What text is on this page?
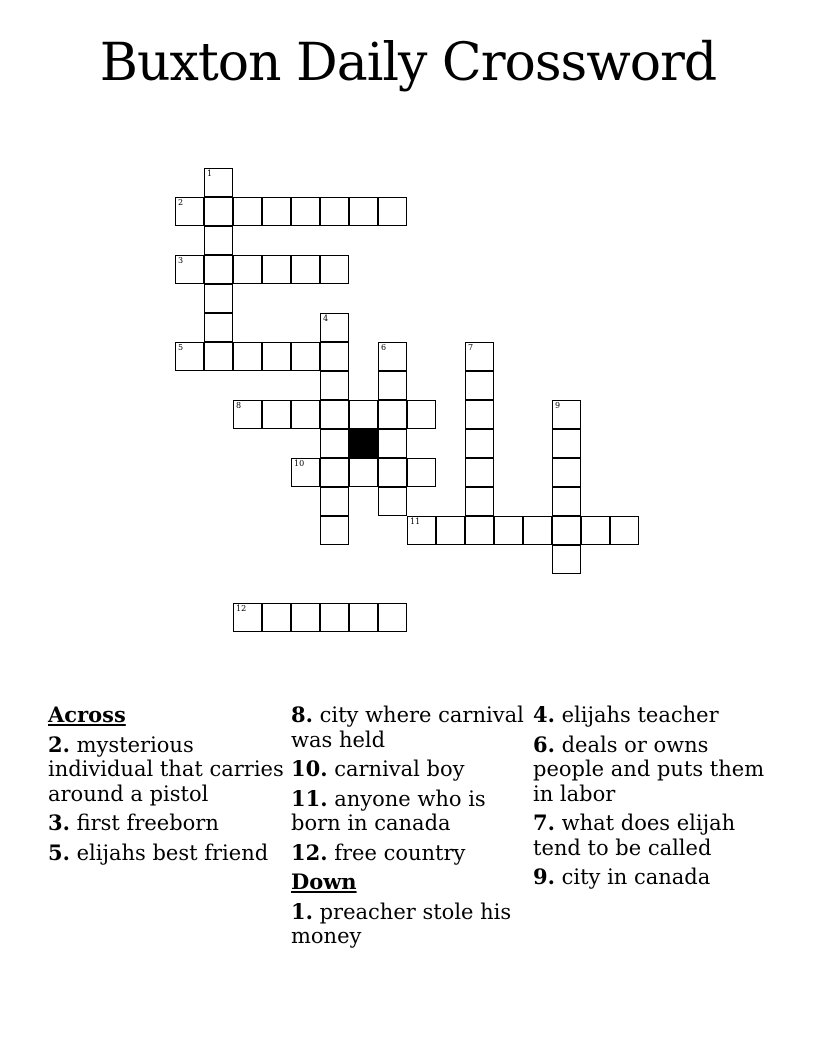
Buxton Daily Crossword
1
2
3
4
5	6	7
8	9
10
11
12
Across
2. mysterious individual that carries around a pistol
3. first freeborn
5. elijahs best friend
8. city where carnival was held
10. carnival boy
11. anyone who is born in canada
12. free country
Down
1. preacher stole his money
4. elijahs teacher
6. deals or owns people and puts them in labor
7. what does elijah tend to be called
9. city in canada
